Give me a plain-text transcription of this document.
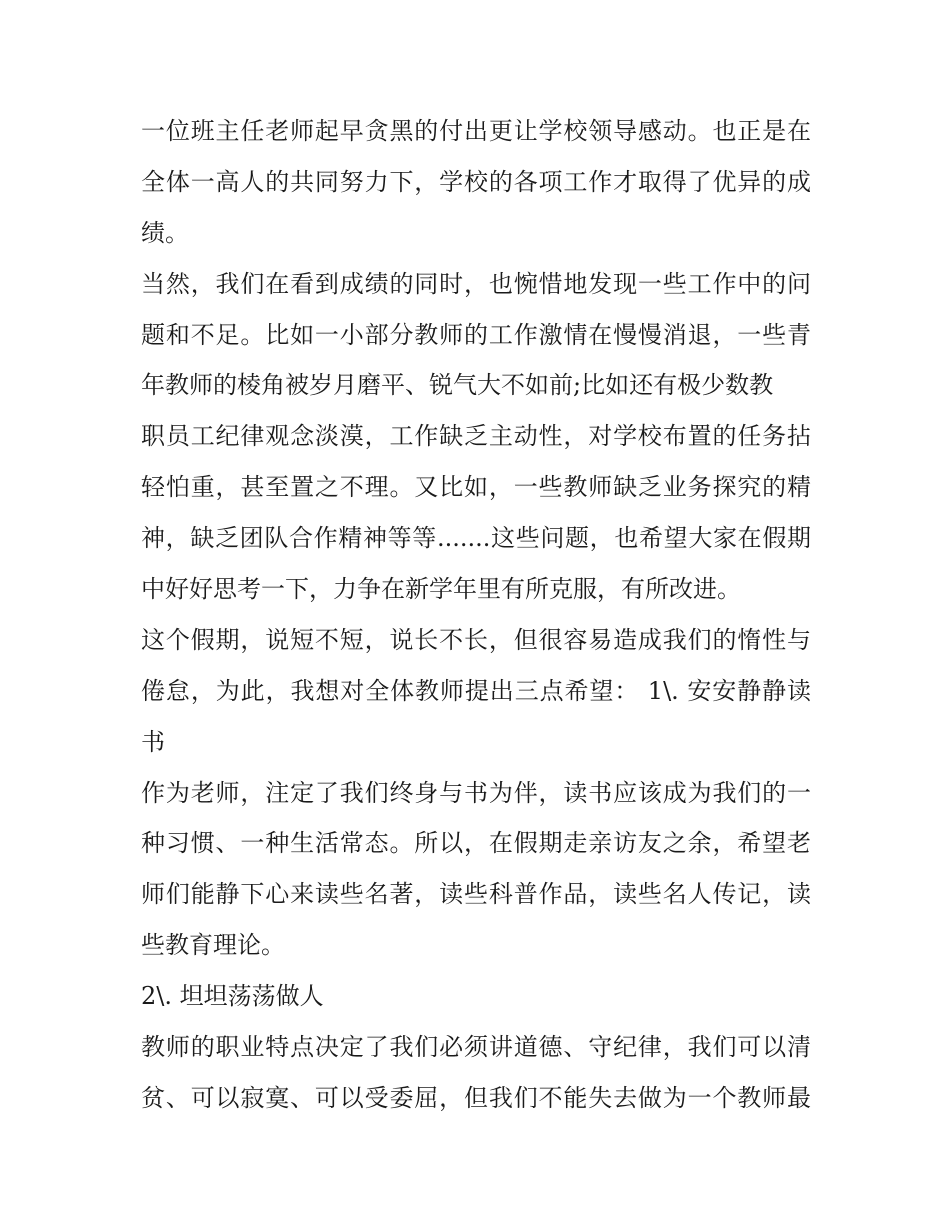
一位班主任老师起早贪黑的付出更让学校领导感动。也正是在
全体一高人的共同努力下，学校的各项工作才取得了优异的成
绩。
当然，我们在看到成绩的同时，也惋惜地发现一些工作中的问
题和不足。比如一小部分教师的工作激情在慢慢消退，一些青
年教师的棱角被岁月磨平、锐气大不如前;比如还有极少数教
职员工纪律观念淡漠，工作缺乏主动性，对学校布置的任务拈
轻怕重，甚至置之不理。又比如，一些教师缺乏业务探究的精
神，缺乏团队合作精神等等.......这些问题，也希望大家在假期
中好好思考一下，力争在新学年里有所克服，有所改进。
这个假期，说短不短，说长不长，但很容易造成我们的惰性与
倦怠，为此，我想对全体教师提出三点希望： 1\. 安安静静读
书
作为老师，注定了我们终身与书为伴，读书应该成为我们的一
种习惯、一种生活常态。所以，在假期走亲访友之余，希望老
师们能静下心来读些名著，读些科普作品，读些名人传记，读
些教育理论。
2\. 坦坦荡荡做人
教师的职业特点决定了我们必须讲道德、守纪律，我们可以清
贫、可以寂寞、可以受委屈，但我们不能失去做为一个教师最
